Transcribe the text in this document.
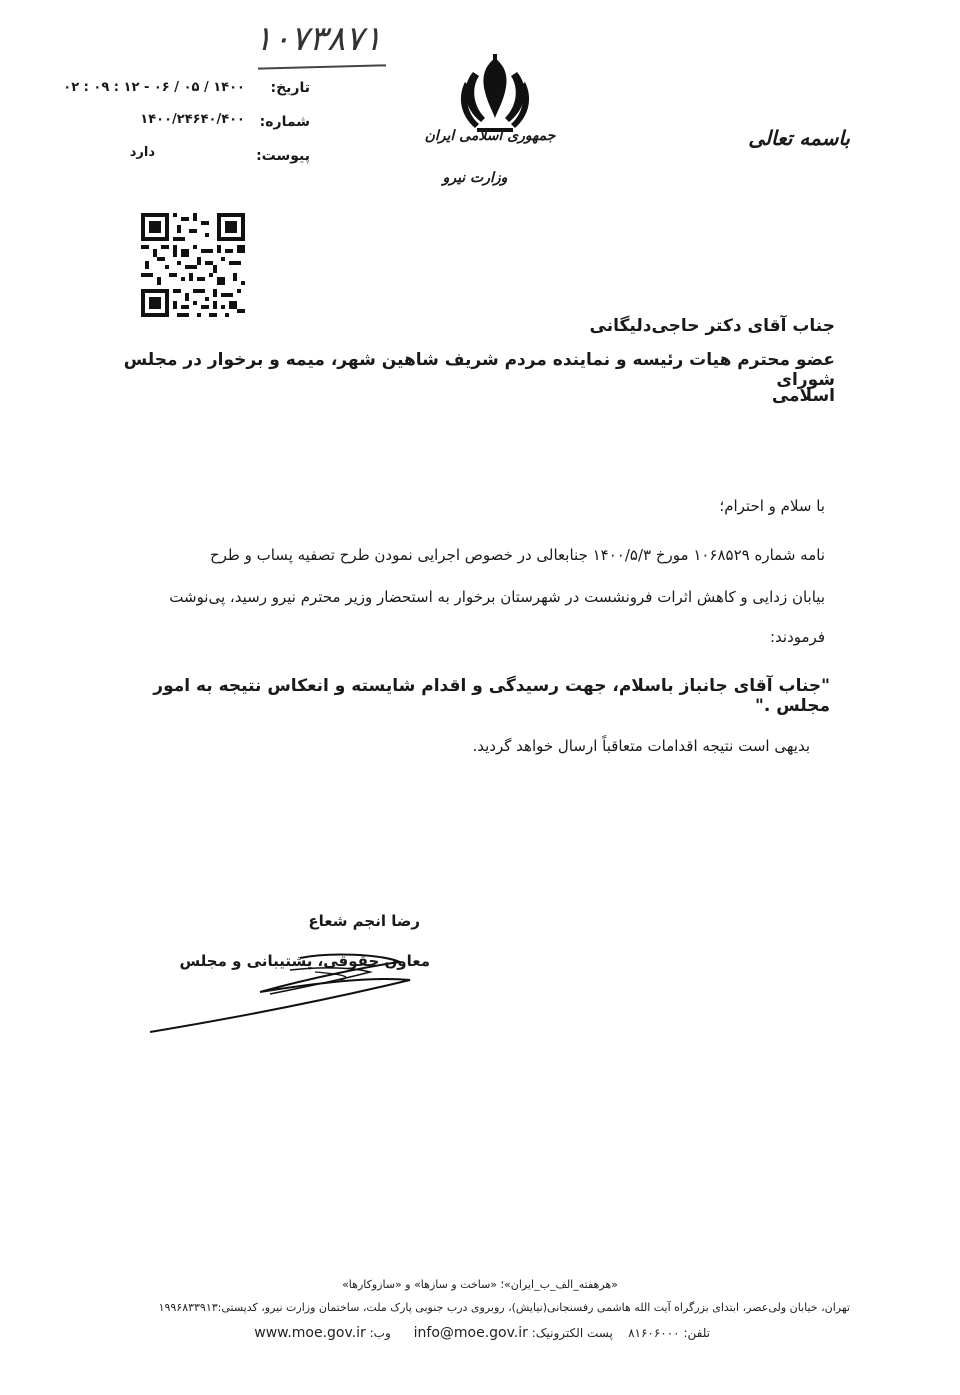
۱۰۷۳۸۷۱
تاریخ:
۱۴۰۰ / ۰۵ / ۰۶ - ۱۲ : ۰۹ : ۰۲
شماره:
۱۴۰۰/۲۴۶۴۰/۴۰۰
پیوست:
دارد
جمهوری اسلامی ایران
وزارت نیرو
باسمه تعالی
جناب آقای دکتر حاجی‌دلیگانی
عضو محترم هیات رئیسه و نماینده مردم شریف شاهین شهر، میمه و برخوار در مجلس شورای
اسلامی
با سلام و احترام؛
نامه شماره ۱۰۶۸۵۲۹ مورخ ۱۴۰۰/۵/۳ جنابعالی در خصوص اجرایی نمودن طرح تصفیه پساب و طرح
بیابان زدایی و کاهش اثرات فرونشست در شهرستان برخوار به استحضار وزیر محترم نیرو رسید، پی‌نوشت
فرمودند:
"جناب آقای جانباز باسلام، جهت رسیدگی و اقدام شایسته و انعکاس نتیجه به امور مجلس ."
بدیهی است نتیجه اقدامات متعاقباً ارسال خواهد گردید.
رضا انجم شعاع
معاون حقوقی، پشتیبانی و مجلس
«هرهفته_الف_ب_ایران»؛ «ساخت و سازها» و «سازوکارها»
تهران، خیابان ولی‌عصر، ابتدای بزرگراه آیت الله هاشمی رفسنجانی(نیایش)، روبروی درب جنوبی پارک ملت، ساختمان وزارت نیرو، کدپستی:۱۹۹۶۸۳۳۹۱۳
تلفن: ۸۱۶۰۶۰۰۰    پست الکترونیک: info@moe.gov.ir      وب: www.moe.gov.ir
